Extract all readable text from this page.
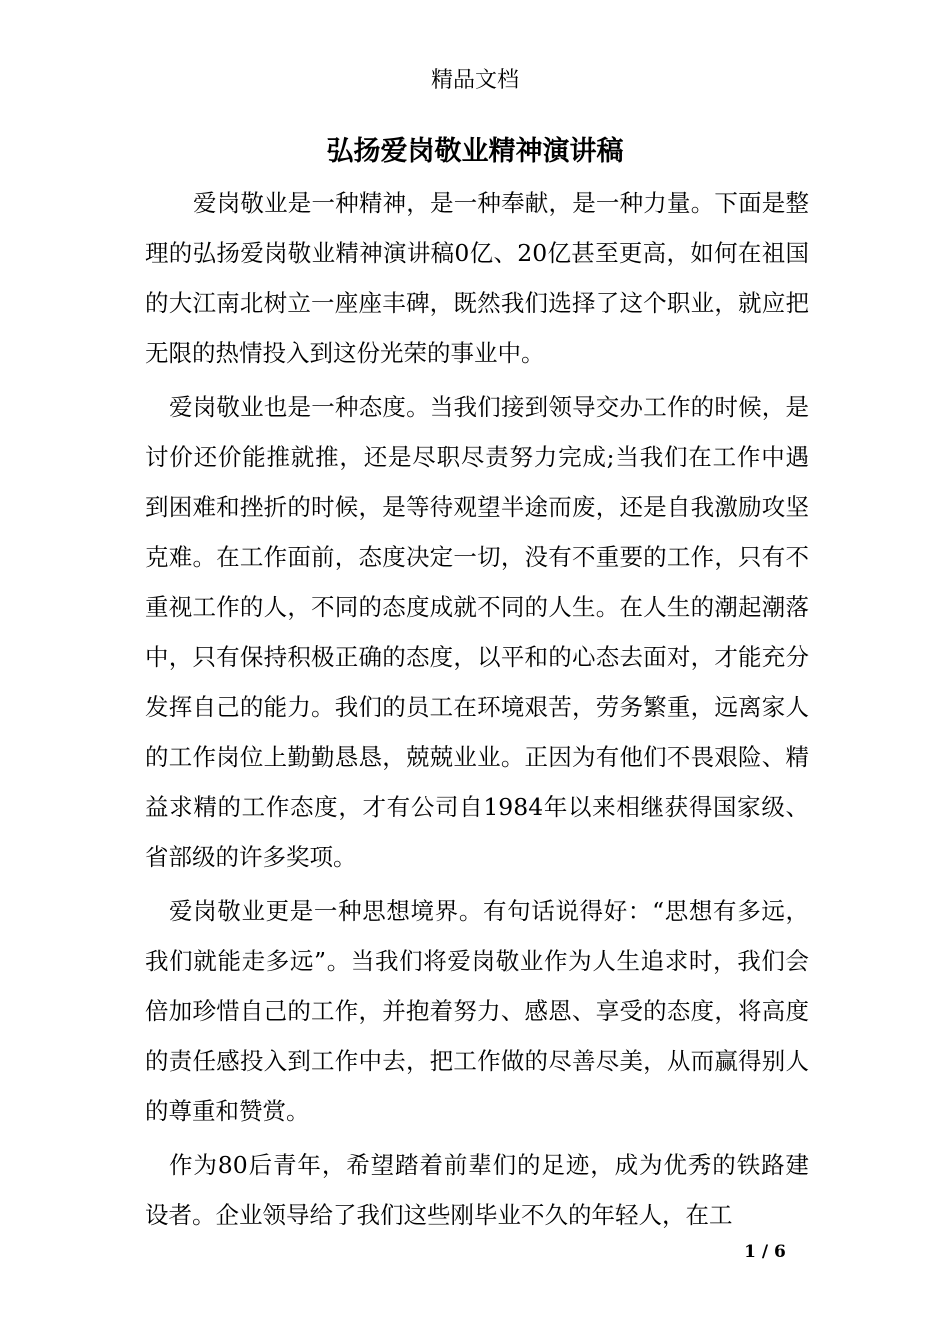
精品文档
弘扬爱岗敬业精神演讲稿

爱岗敬业是一种精神，是一种奉献，是一种力量。下面是整理的弘扬爱岗敬业精神演讲稿0亿、20亿甚至更高，如何在祖国的大江南北树立一座座丰碑，既然我们选择了这个职业，就应把无限的热情投入到这份光荣的事业中。

爱岗敬业也是一种态度。当我们接到领导交办工作的时候，是讨价还价能推就推，还是尽职尽责努力完成;当我们在工作中遇到困难和挫折的时候，是等待观望半途而废，还是自我激励攻坚克难。在工作面前，态度决定一切，没有不重要的工作，只有不重视工作的人，不同的态度成就不同的人生。在人生的潮起潮落中，只有保持积极正确的态度，以平和的心态去面对，才能充分发挥自己的能力。我们的员工在环境艰苦，劳务繁重，远离家人的工作岗位上勤勤恳恳，兢兢业业。正因为有他们不畏艰险、精益求精的工作态度，才有公司自1984年以来相继获得国家级、省部级的许多奖项。

爱岗敬业更是一种思想境界。有句话说得好：“思想有多远，我们就能走多远”。当我们将爱岗敬业作为人生追求时，我们会倍加珍惜自己的工作，并抱着努力、感恩、享受的态度，将高度的责任感投入到工作中去，把工作做的尽善尽美，从而赢得别人的尊重和赞赏。

作为80后青年，希望踏着前辈们的足迹，成为优秀的铁路建设者。企业领导给了我们这些刚毕业不久的年轻人，在工

1 / 6
